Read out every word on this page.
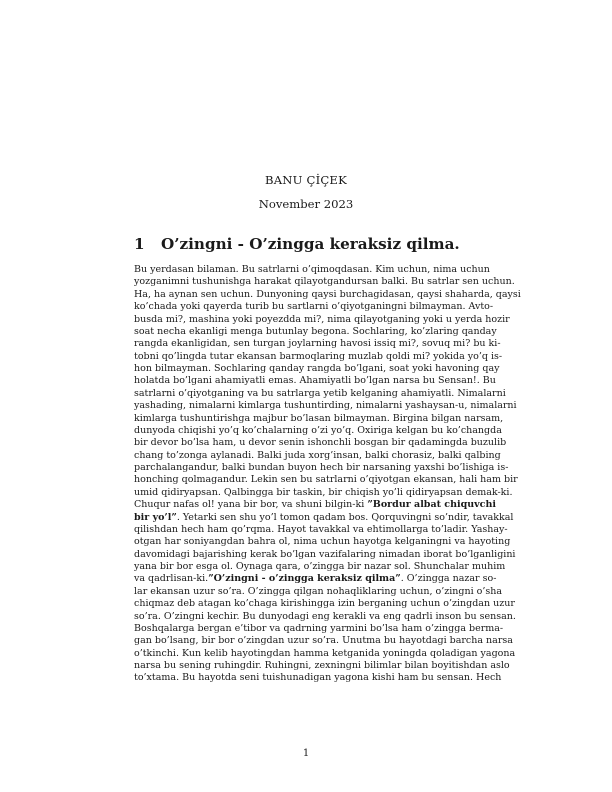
BANU ÇİÇEK
November 2023
1 O’zingni - O’zingga keraksiz qilma.
Bu yerdasan bilaman. Bu satrlarni o’qimoqdasan. Kim uchun, nima uchun
yozganimni tushunishga harakat qilayotgandursan balki. Bu satrlar sen uchun.
Ha, ha aynan sen uchun. Dunyoning qaysi burchagidasan, qaysi shaharda, qaysi
ko’chada yoki qayerda turib bu sartlarni o’qiyotganingni bilmayman. Avto-
busda mi?, mashina yoki poyezdda mi?, nima qilayotganing yoki u yerda hozir
soat necha ekanligi menga butunlay begona. Sochlaring, ko’zlaring qanday
rangda ekanligidan, sen turgan joylarning havosi issiq mi?, sovuq mi? bu ki-
tobni qo’lingda tutar ekansan barmoqlaring muzlab qoldi mi? yokida yo’q is-
hon bilmayman. Sochlaring qanday rangda bo’lgani, soat yoki havoning qay
holatda bo’lgani ahamiyatli emas. Ahamiyatli bo’lgan narsa bu Sensan!. Bu
satrlarni o’qiyotganing va bu satrlarga yetib kelganing ahamiyatli. Nimalarni
yashading, nimalarni kimlarga tushuntirding, nimalarni yashaysan-u, nimalarni
kimlarga tushuntirishga majbur bo’lasan bilmayman. Birgina bilgan narsam,
dunyoda chiqishi yo’q ko’chalarning o’zi yo’q. Oxiriga kelgan bu ko’changda
bir devor bo’lsa ham, u devor senin ishonchli bosgan bir qadamingda buzulib
chang to’zonga aylanadi. Balki juda xorg’insan, balki chorasiz, balki qalbing
parchalangandur, balki bundan buyon hech bir narsaning yaxshi bo’lishiga is-
honching qolmagandur. Lekin sen bu satrlarni o’qiyotgan ekansan, hali ham bir
umid qidiryapsan. Qalbingga bir taskin, bir chiqish yo’li qidiryapsan demak-ki.
Chuqur nafas ol! yana bir bor, va shuni bilgin-ki ”Bordur albat chiquvchi
bir yo’l”. Yetarki sen shu yo’l tomon qadam bos. Qorquvingni so’ndir, tavakkal
qilishdan hech ham qo’rqma. Hayot tavakkal va ehtimollarga to’ladir. Yashay-
otgan har soniyangdan bahra ol, nima uchun hayotga kelganingni va hayoting
davomidagi bajarishing kerak bo’lgan vazifalaring nimadan iborat bo’lganligini
yana bir bor esga ol. Oynaga qara, o’zingga bir nazar sol. Shunchalar muhim
va qadrlisan-ki.”O’zingni - o’zingga keraksiz qilma”. O’zingga nazar so-
lar ekansan uzur so’ra. O’zingga qilgan nohaqliklaring uchun, o’zingni o’sha
chiqmaz deb atagan ko’chaga kirishingga izin berganing uchun o’zingdan uzur
so’ra. O’zingni kechir. Bu dunyodagi eng kerakli va eng qadrli inson bu sensan.
Boshqalarga bergan e’tibor va qadrning yarmini bo’lsa ham o’zingga berma-
gan bo’lsang, bir bor o’zingdan uzur so’ra. Unutma bu hayotdagi barcha narsa
o’tkinchi. Kun kelib hayotingdan hamma ketganida yoningda qoladigan yagona
narsa bu sening ruhingdir. Ruhingni, zexningni bilimlar bilan boyitishdan aslo
to’xtama. Bu hayotda seni tuishunadigan yagona kishi ham bu sensan. Hech
1
